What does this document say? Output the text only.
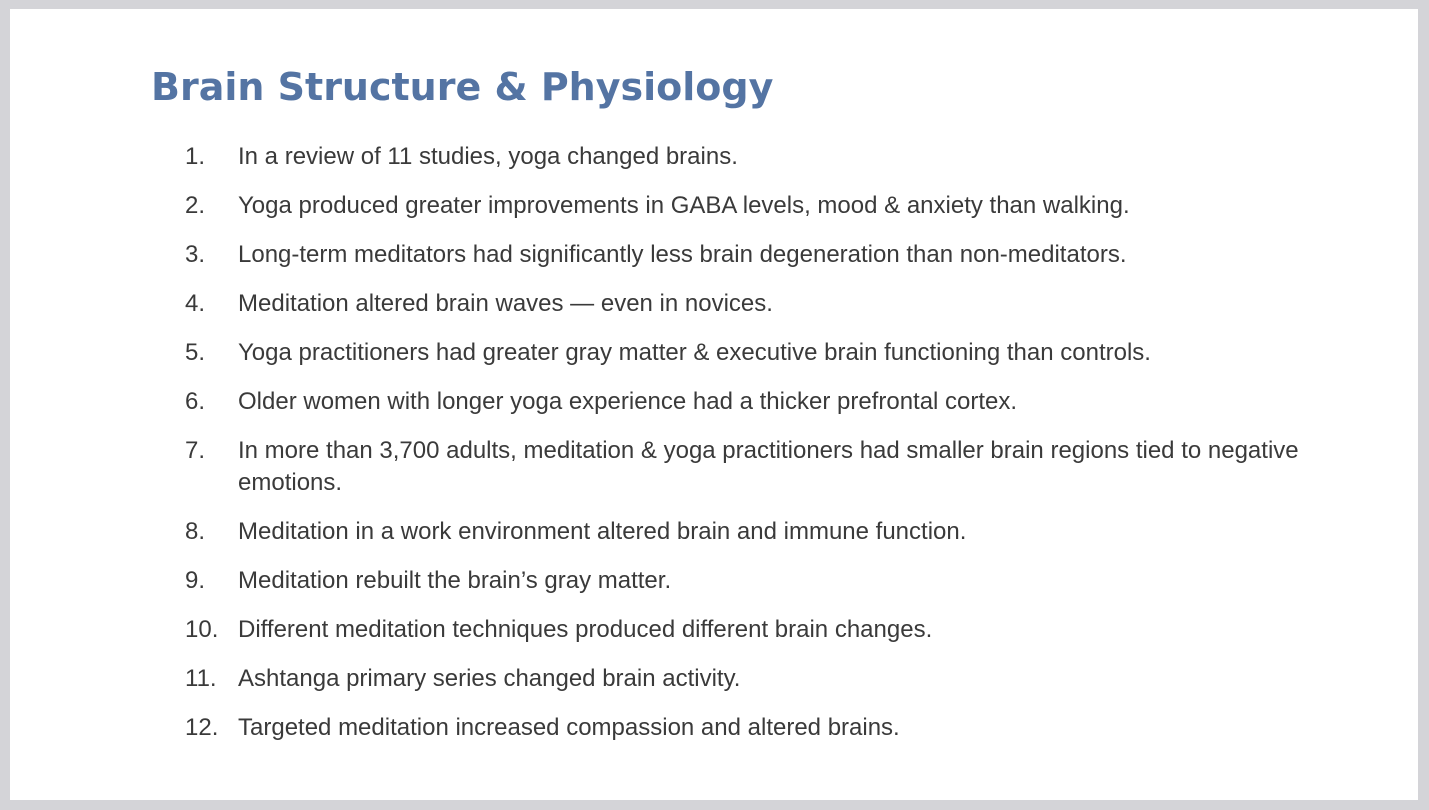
Brain Structure & Physiology
1. In a review of 11 studies, yoga changed brains.
2. Yoga produced greater improvements in GABA levels, mood & anxiety than walking.
3. Long-term meditators had significantly less brain degeneration than non-meditators.
4. Meditation altered brain waves — even in novices.
5. Yoga practitioners had greater gray matter & executive brain functioning than controls.
6. Older women with longer yoga experience had a thicker prefrontal cortex.
7. In more than 3,700 adults, meditation & yoga practitioners had smaller brain regions tied to negative emotions.
8. Meditation in a work environment altered brain and immune function.
9. Meditation rebuilt the brain’s gray matter.
10. Different meditation techniques produced different brain changes.
11. Ashtanga primary series changed brain activity.
12. Targeted meditation increased compassion and altered brains.
